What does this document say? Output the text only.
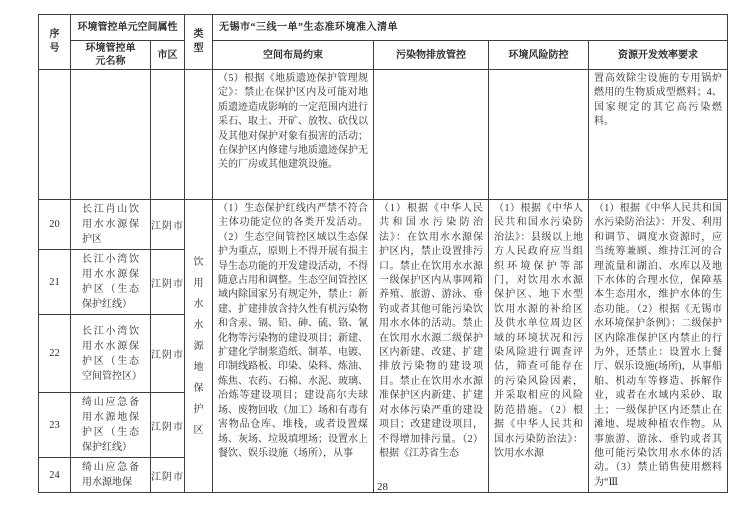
序号	环境管控单元空间属性		类型	无锡市“三线一单”生态准环境准入清单			
	环境管控单元名称	市区		空间布局约束	污染物排放管控	环境风险防控	资源开发效率要求
				（5）根据《地质遗迹保护管理规定》：禁止在保护区内及可能对地质遗迹造成影响的一定范围内进行采石、取土、开矿、放牧、砍伐以及其他对保护对象有损害的活动；在保护区内修建与地质遗迹保护无关的厂房或其他建筑设施。			置高效除尘设施的专用锅炉燃用的生物质成型燃料；4、国家规定的其它高污染燃料。
20	长江肖山饮用水水源保护区	江阴市	饮用水水源地保护区	（1）生态保护红线内严禁不符合主体功能定位的各类开发活动。（2）生态空间管控区域以生态保护为重点，原则上不得开展有损主导生态功能的开发建设活动，不得随意占用和调整。生态空间管控区域内除国家另有规定外，禁止：新建、扩建排放含持久性有机污染物和含汞、镉、铅、砷、硫、铬、氰化物等污染物的建设项目；新建、扩建化学制浆造纸、制革、电镀、印制线路板、印染、染料、炼油、炼焦、农药、石棉、水泥、玻璃、冶炼等建设项目；建设高尔夫球场、废物回收（加工）场和有毒有害物品仓库、堆栈，或者设置煤场、灰场、垃圾填埋场；设置水上餐饮、娱乐设施（场所），从事	（1）根据《中华人民共和国水污染防治法》：在饮用水水源保护区内，禁止设置排污口。禁止在饮用水水源一级保护区内从事网箱养殖、旅游、游泳、垂钓或者其他可能污染饮用水水体的活动。禁止在饮用水水源二级保护区内新建、改建、扩建排放污染物的建设项目。禁止在饮用水水源准保护区内新建、扩建对水体污染严重的建设项目；改建建设项目，不得增加排污量。（2）根据《江苏省生态	（1）根据《中华人民共和国水污染防治法》：县级以上地方人民政府应当组织环境保护等部门，对饮用水水源保护区、地下水型饮用水源的补给区及供水单位周边区域的环境状况和污染风险进行调查评估，筛查可能存在的污染风险因素，并采取相应的风险防范措施。（2）根据《中华人民共和国水污染防治法》：饮用水水源	（1）根据《中华人民共和国水污染防治法》：开发、利用和调节、调度水资源时，应当统筹兼顾、维持江河的合理流量和湖泊、水库以及地下水体的合理水位，保障基本生态用水，维护水体的生态功能。（2）根据《无锡市水环境保护条例》：二级保护区内除准保护区内禁止的行为外，还禁止：设置水上餐厅、娱乐设施(场所)，从事船舶、机动车等修造、拆解作业，或者在水域内采砂、取土；一级保护区内还禁止在滩地、堤坡种植农作物。从事旅游、游泳、垂钓或者其他可能污染饮用水水体的活动。（3）禁止销售使用燃料为“Ⅲ
21	长江小湾饮用水水源保护区（生态保护红线）	江阴市					
22	长江小湾饮用水水源保护区（生态空间管控区）	江阴市					
23	绮山应急备用水源地保护区（生态保护红线）	江阴市					
24	绮山应急备用水源地保	江阴市					
28
